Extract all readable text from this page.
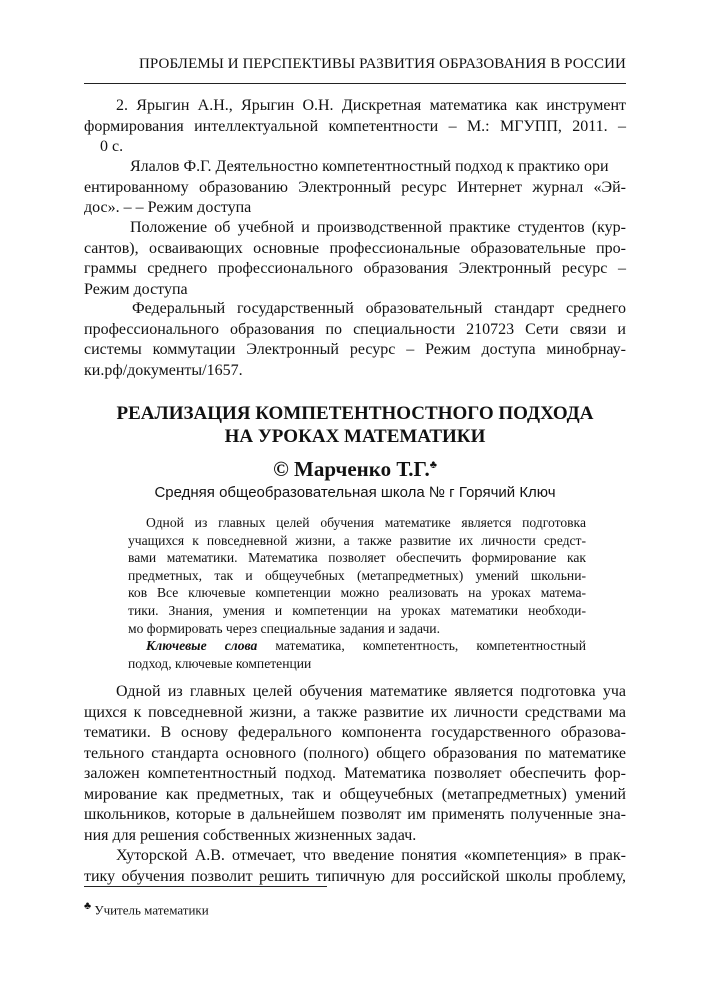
ПРОБЛЕМЫ И ПЕРСПЕКТИВЫ РАЗВИТИЯ ОБРАЗОВАНИЯ В РОССИИ
2. Ярыгин А.Н., Ярыгин О.Н. Дискретная математика как инструмент
формирования интеллектуальной компетентности – М.: МГУПП, 2011. –
0 с.
Ялалов Ф.Г. Деятельностно компетентностный подход к практико ори
ентированному образованию Электронный ресурс Интернет журнал «Эй-
дос». – – Режим доступа
Положение об учебной и производственной практике студентов (кур-
сантов), осваивающих основные профессиональные образовательные про-
граммы среднего профессионального образования Электронный ресурс –
Режим доступа
Федеральный государственный образовательный стандарт среднего
профессионального образования по специальности 210723 Сети связи и
системы коммутации Электронный ресурс – Режим доступа минобрнау-
ки.рф/документы/1657.
РЕАЛИЗАЦИЯ КОМПЕТЕНТНОСТНОГО ПОДХОДА
НА УРОКАХ МАТЕМАТИКИ
© Марченко Т.Г.♣
Средняя общеобразовательная школа № г Горячий Ключ
Одной из главных целей обучения математике является подготовка
учащихся к повседневной жизни, а также развитие их личности средст-
вами математики. Математика позволяет обеспечить формирование как
предметных, так и общеучебных (метапредметных) умений школьни-
ков Все ключевые компетенции можно реализовать на уроках матема-
тики. Знания, умения и компетенции на уроках математики необходи-
мо формировать через специальные задания и задачи.
Ключевые слова математика, компетентность, компетентностный
подход, ключевые компетенции
Одной из главных целей обучения математике является подготовка уча
щихся к повседневной жизни, а также развитие их личности средствами ма
тематики. В основу федерального компонента государственного образова-
тельного стандарта основного (полного) общего образования по математике
заложен компетентностный подход. Математика позволяет обеспечить фор-
мирование как предметных, так и общеучебных (метапредметных) умений
школьников, которые в дальнейшем позволят им применять полученные зна-
ния для решения собственных жизненных задач.
Хуторской А.В. отмечает, что введение понятия «компетенция» в прак-
тику обучения позволит решить типичную для российской школы проблему,
♣ Учитель математики
